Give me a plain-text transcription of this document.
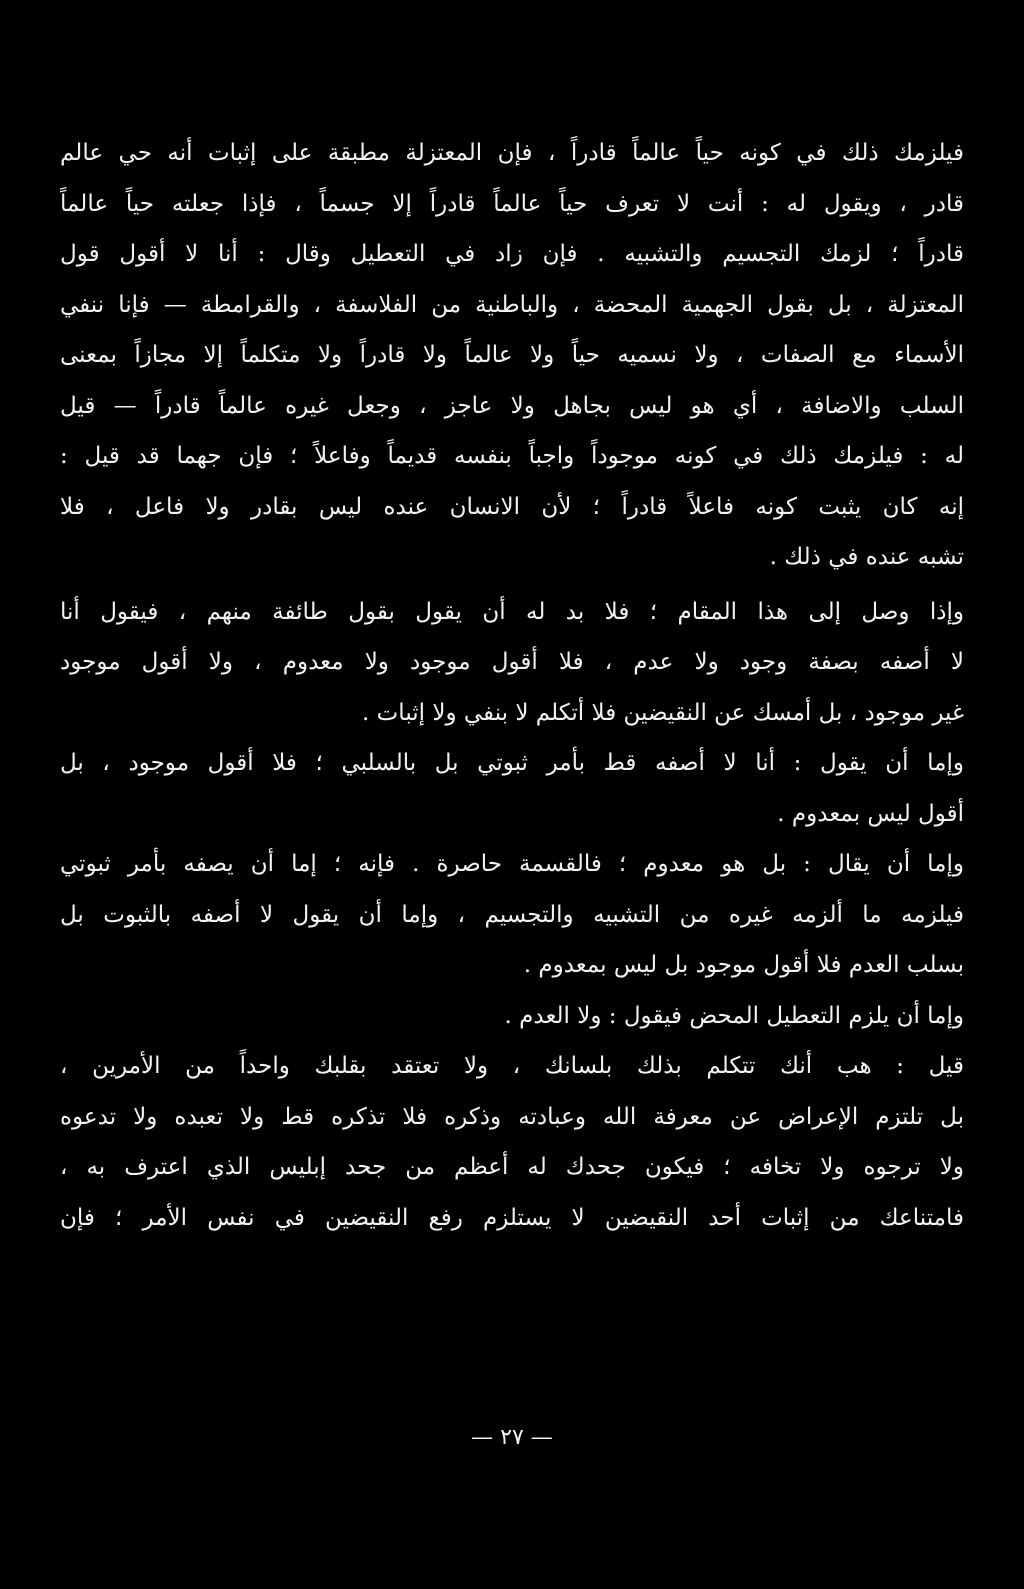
فيلزمك ذلك في كونه حياً عالماً قادراً ، فإن المعتزلة مطبقة على إثبات أنه حي عالم
قادر ، ويقول له : أنت لا تعرف حياً عالماً قادراً إلا جسماً ، فإذا جعلته حياً عالماً
قادراً ؛ لزمك التجسيم والتشبيه . فإن زاد في التعطيل وقال : أنا لا أقول قول
المعتزلة ، بل بقول الجهمية المحضة ، والباطنية من الفلاسفة ، والقرامطة — فإنا ننفي
الأسماء مع الصفات ، ولا نسميه حياً ولا عالماً ولا قادراً ولا متكلماً إلا مجازاً بمعنى
السلب والاضافة ، أي هو ليس بجاهل ولا عاجز ، وجعل غيره عالماً قادراً — قيل
له : فيلزمك ذلك في كونه موجوداً واجباً بنفسه قديماً وفاعلاً ؛ فإن جهما قد قيل :
إنه كان يثبت كونه فاعلاً قادراً ؛ لأن الانسان عنده ليس بقادر ولا فاعل ، فلا
تشبه عنده في ذلك .
وإذا وصل إلى هذا المقام ؛ فلا بد له أن يقول بقول طائفة منهم ، فيقول أنا
لا أصفه بصفة وجود ولا عدم ، فلا أقول موجود ولا معدوم ، ولا أقول موجود
غير موجود ، بل أمسك عن النقيضين فلا أتكلم لا بنفي ولا إثبات .
وإما أن يقول : أنا لا أصفه قط بأمر ثبوتي بل بالسلبي ؛ فلا أقول موجود ، بل
أقول ليس بمعدوم .
وإما أن يقال : بل هو معدوم ؛ فالقسمة حاصرة . فإنه ؛ إما أن يصفه بأمر ثبوتي
فيلزمه ما ألزمه غيره من التشبيه والتجسيم ، وإما أن يقول لا أصفه بالثبوت بل
بسلب العدم فلا أقول موجود بل ليس بمعدوم .
وإما أن يلزم التعطيل المحض فيقول : ولا العدم .
قيل : هب أنك تتكلم بذلك بلسانك ، ولا تعتقد بقلبك واحداً من الأمرين ،
بل تلتزم الإعراض عن معرفة الله وعبادته وذكره فلا تذكره قط ولا تعبده ولا تدعوه
ولا ترجوه ولا تخافه ؛ فيكون جحدك له أعظم من جحد إبليس الذي اعترف به ،
فامتناعك من إثبات أحد النقيضين لا يستلزم رفع النقيضين في نفس الأمر ؛ فإن
— ٢٧ —
